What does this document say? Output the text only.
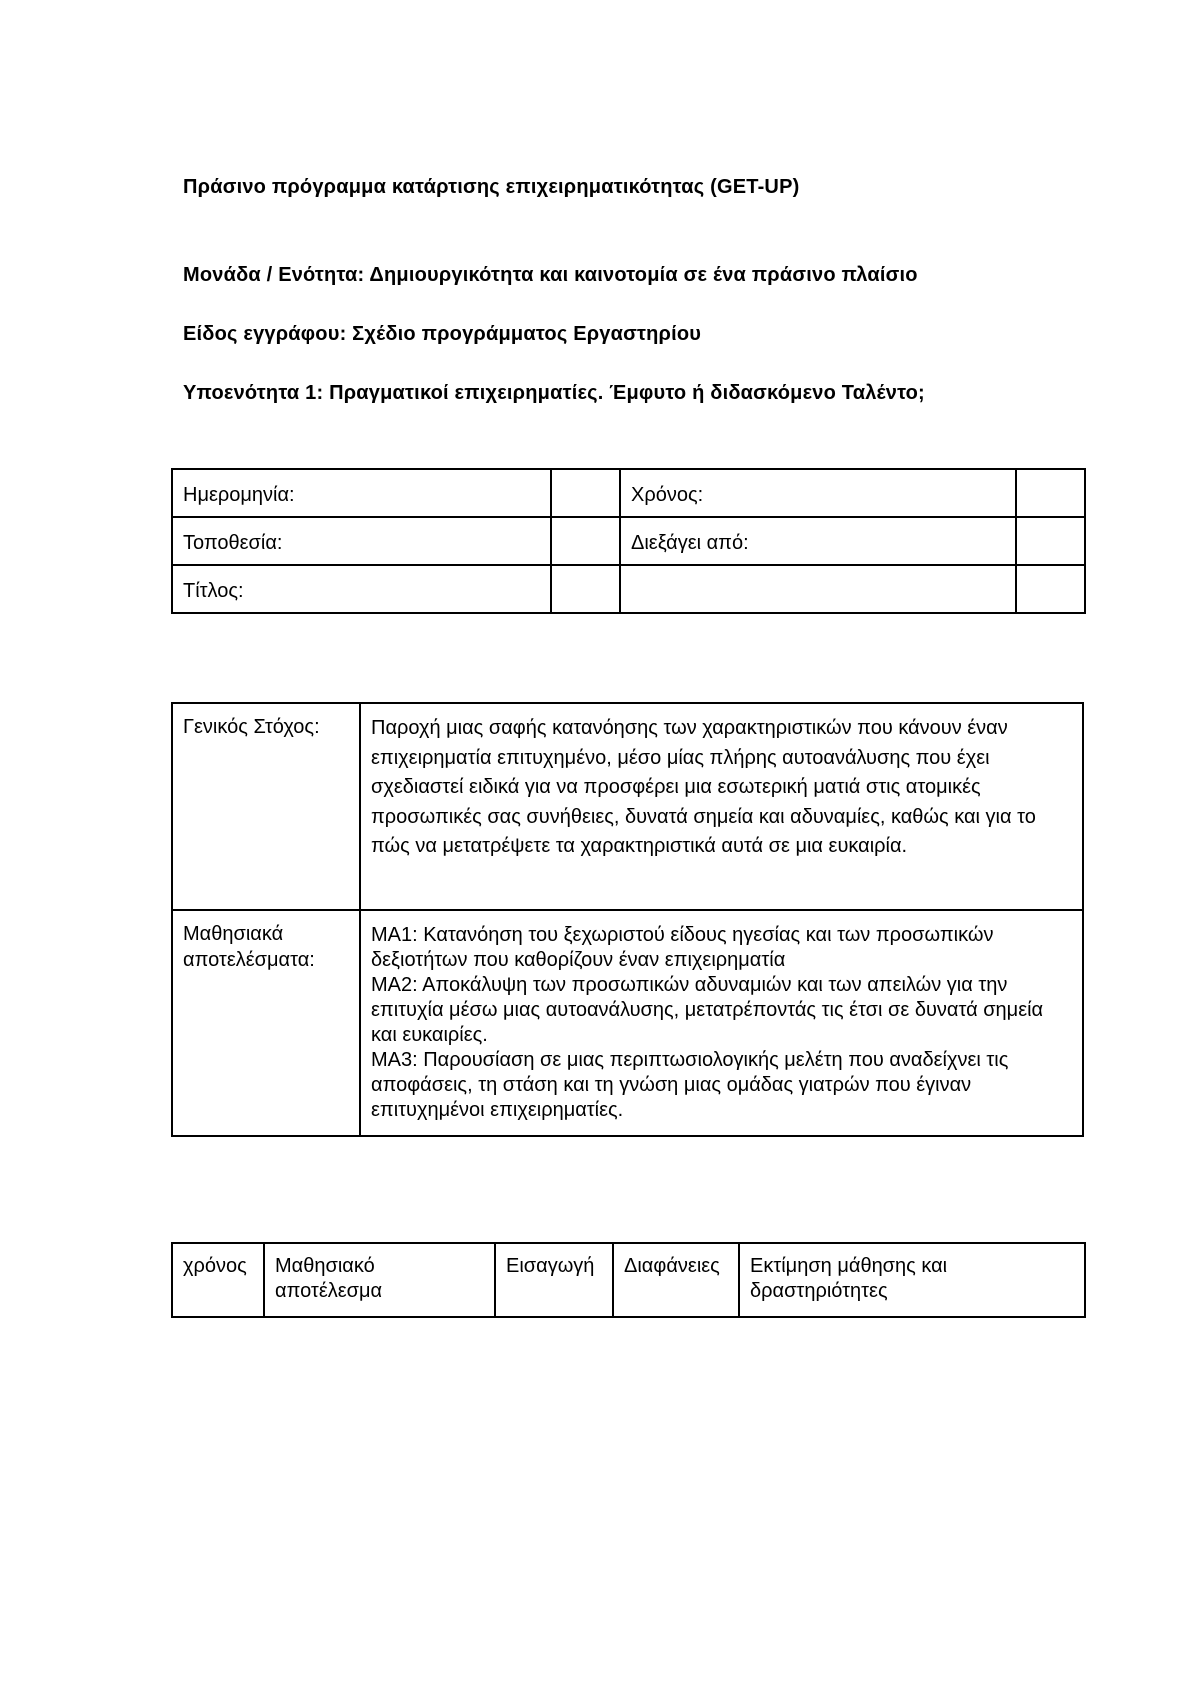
Πράσινο πρόγραμμα κατάρτισης επιχειρηματικότητας (GET-UP)
Μονάδα / Ενότητα: Δημιουργικότητα και καινοτομία σε ένα πράσινο πλαίσιο
Είδος εγγράφου: Σχέδιο προγράμματος Εργαστηρίου
Υποενότητα 1: Πραγματικοί επιχειρηματίες. Έμφυτο ή διδασκόμενο Ταλέντο;
Ημερομηνία:		Χρόνος:	
Τοποθεσία:		Διεξάγει από:	
Τίτλος:			
Γενικός Στόχος:	Παροχή μιας σαφής κατανόησης των χαρακτηριστικών που κάνουν έναν επιχειρηματία επιτυχημένο, μέσο μίας πλήρης αυτοανάλυσης που έχει σχεδιαστεί ειδικά για να προσφέρει μια εσωτερική ματιά στις ατομικές προσωπικές σας συνήθειες, δυνατά σημεία και αδυναμίες, καθώς και για το πώς να μετατρέψετε τα χαρακτηριστικά αυτά σε μια ευκαιρία.
Μαθησιακά αποτελέσματα:	ΜΑ1: Κατανόηση του ξεχωριστού είδους ηγεσίας και των προσωπικών δεξιοτήτων που καθορίζουν έναν επιχειρηματία
ΜΑ2: Αποκάλυψη των προσωπικών αδυναμιών και των απειλών για την επιτυχία μέσω μιας αυτοανάλυσης, μετατρέποντάς τις έτσι σε δυνατά σημεία και ευκαιρίες.
ΜΑ3: Παρουσίαση σε μιας περιπτωσιολογικής μελέτη που αναδείχνει τις αποφάσεις, τη στάση και τη γνώση μιας ομάδας γιατρών που έγιναν επιτυχημένοι επιχειρηματίες.
χρόνος	Μαθησιακό αποτέλεσμα	Εισαγωγή	Διαφάνειες	Εκτίμηση μάθησης και δραστηριότητες
